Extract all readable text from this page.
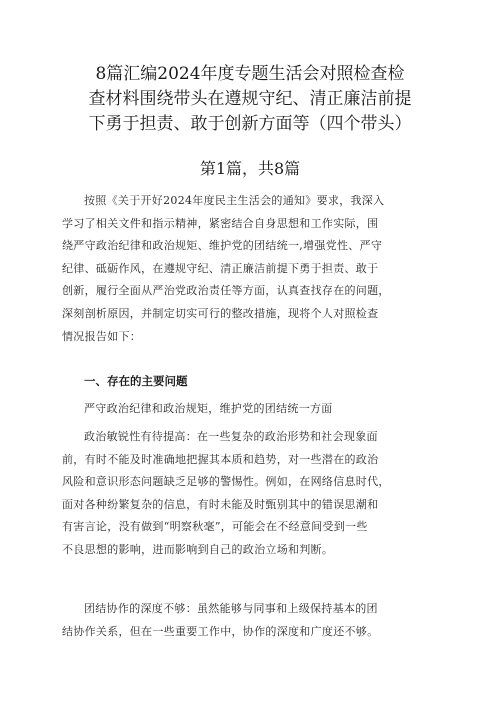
8篇汇编2024年度专题生活会对照检查检
查材料围绕带头在遵规守纪、清正廉洁前提
下勇于担责、敢于创新方面等（四个带头）
第1篇，共8篇
按照《关于开好2024年度民主生活会的通知》要求，我深入
学习了相关文件和指示精神，紧密结合自身思想和工作实际，围
绕严守政治纪律和政治规矩、维护党的团结统一,增强党性、严守
纪律、砥砺作风，在遵规守纪、清正廉洁前提下勇于担责、敢于
创新，履行全面从严治党政治责任等方面，认真查找存在的问题，
深刻剖析原因，并制定切实可行的整改措施，现将个人对照检查
情况报告如下：
一、存在的主要问题
严守政治纪律和政治规矩，维护党的团结统一方面
政治敏锐性有待提高：在一些复杂的政治形势和社会现象面
前，有时不能及时准确地把握其本质和趋势，对一些潜在的政治
风险和意识形态问题缺乏足够的警惕性。例如，在网络信息时代，
面对各种纷繁复杂的信息，有时未能及时甄别其中的错误思潮和
有害言论，没有做到“明察秋毫”，可能会在不经意间受到一些
不良思想的影响，进而影响到自己的政治立场和判断。
团结协作的深度不够：虽然能够与同事和上级保持基本的团
结协作关系，但在一些重要工作中，协作的深度和广度还不够。
